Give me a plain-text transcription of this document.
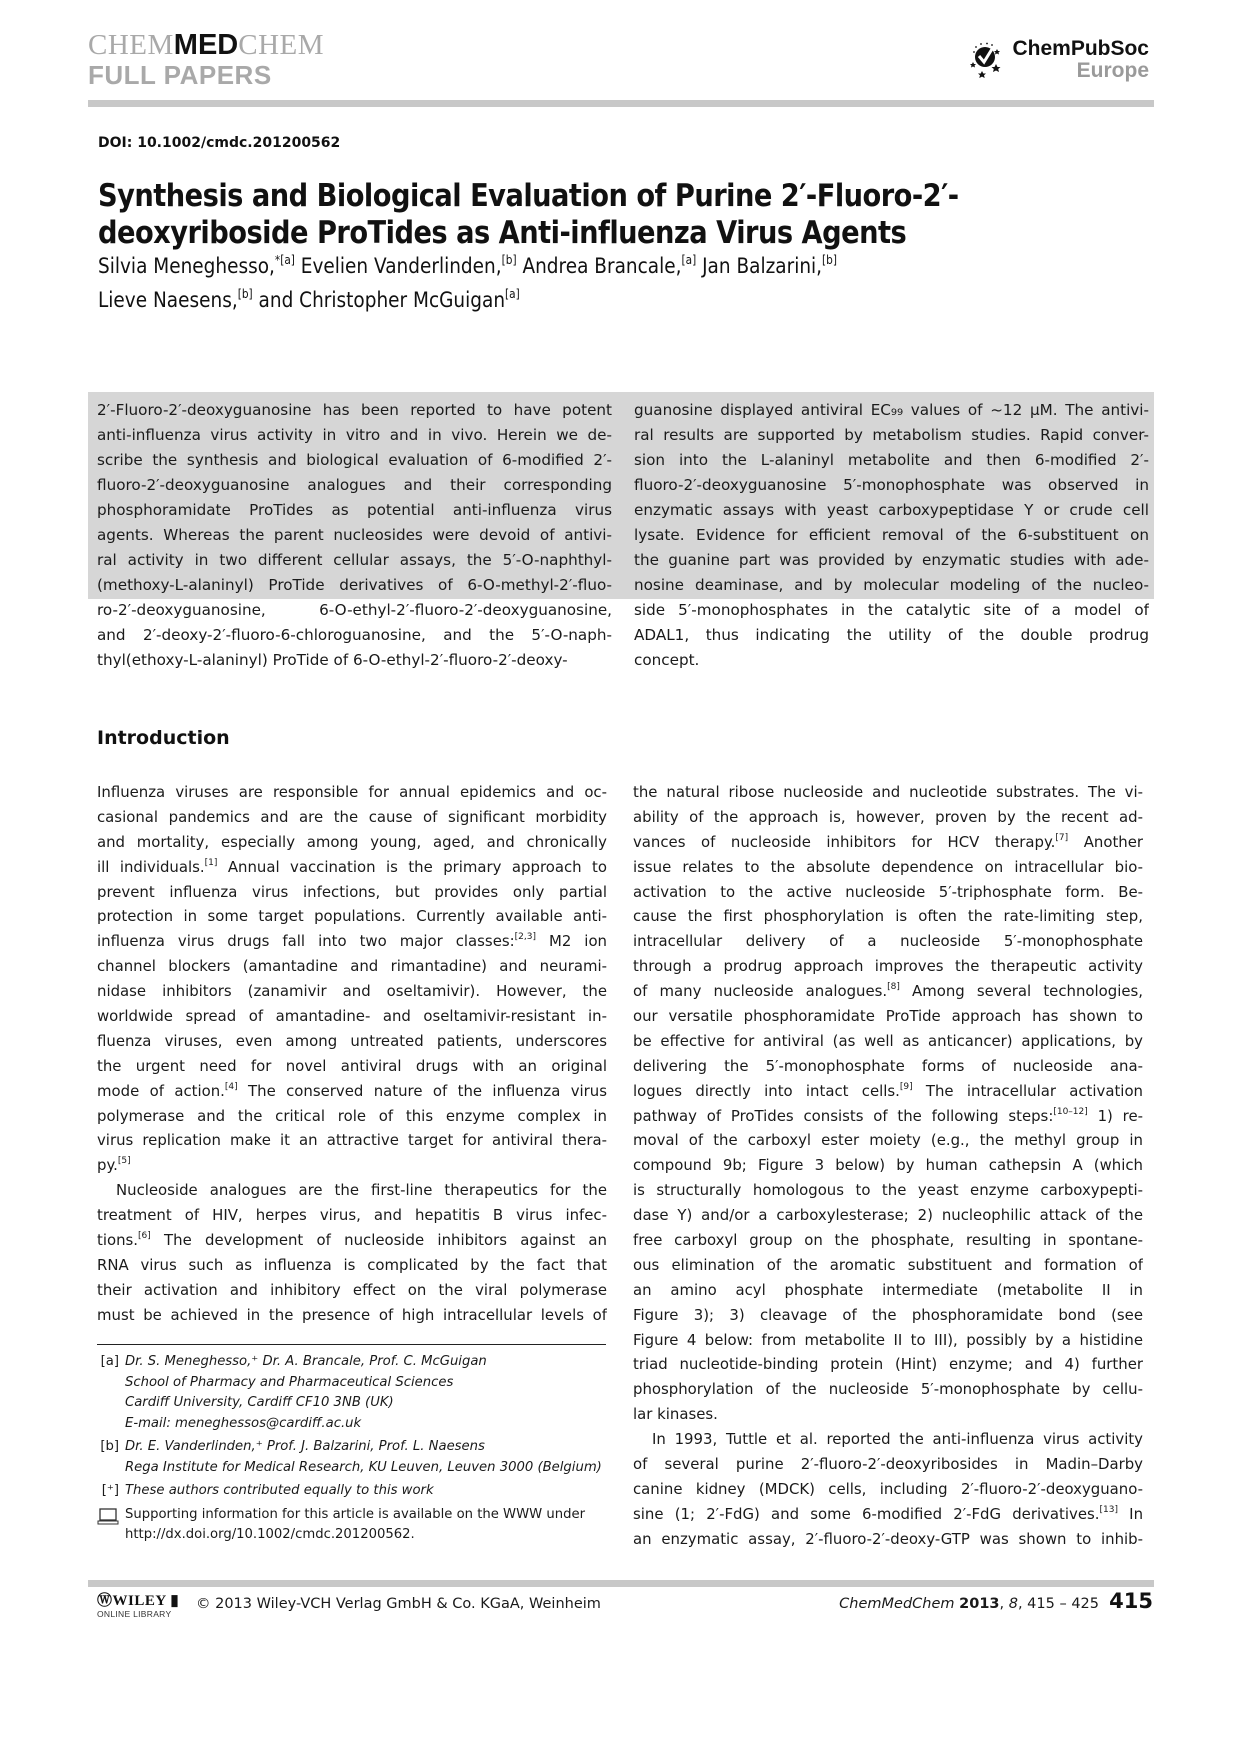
CHEMMEDCHEM
FULL PAPERS
ChemPubSoc
Europe
DOI: 10.1002/cmdc.201200562
Synthesis and Biological Evaluation of Purine 2′-Fluoro-2′-
deoxyriboside ProTides as Anti-influenza Virus Agents
Silvia Meneghesso,$^{*[a]}$ Evelien Vanderlinden,[b] Andrea Brancale,[a] Jan Balzarini,[b]
Lieve Naesens,[b] and Christopher McGuigan[a]
2′-Fluoro-2′-deoxyguanosine has been reported to have potent
anti-influenza virus activity in vitro and in vivo. Herein we de-
scribe the synthesis and biological evaluation of 6-modified 2′-
fluoro-2′-deoxyguanosine analogues and their corresponding
phosphoramidate ProTides as potential anti-influenza virus
agents. Whereas the parent nucleosides were devoid of antivi-
ral activity in two different cellular assays, the 5′-O-naphthyl-
(methoxy-L-alaninyl) ProTide derivatives of 6-O-methyl-2′-fluo-
ro-2′-deoxyguanosine, 6-O-ethyl-2′-fluoro-2′-deoxyguanosine,
and 2′-deoxy-2′-fluoro-6-chloroguanosine, and the 5′-O-naph-
thyl(ethoxy-L-alaninyl) ProTide of 6-O-ethyl-2′-fluoro-2′-deoxy-
guanosine displayed antiviral EC₉₉ values of ~12 μM. The antivi-
ral results are supported by metabolism studies. Rapid conver-
sion into the L-alaninyl metabolite and then 6-modified 2′-
fluoro-2′-deoxyguanosine 5′-monophosphate was observed in
enzymatic assays with yeast carboxypeptidase Y or crude cell
lysate. Evidence for efficient removal of the 6-substituent on
the guanine part was provided by enzymatic studies with ade-
nosine deaminase, and by molecular modeling of the nucleo-
side 5′-monophosphates in the catalytic site of a model of
ADAL1, thus indicating the utility of the double prodrug
concept.
Introduction
Influenza viruses are responsible for annual epidemics and oc-
casional pandemics and are the cause of significant morbidity
and mortality, especially among young, aged, and chronically
ill individuals.[1] Annual vaccination is the primary approach to
prevent influenza virus infections, but provides only partial
protection in some target populations. Currently available anti-
influenza virus drugs fall into two major classes:[2,3] M2 ion
channel blockers (amantadine and rimantadine) and neurami-
nidase inhibitors (zanamivir and oseltamivir). However, the
worldwide spread of amantadine- and oseltamivir-resistant in-
fluenza viruses, even among untreated patients, underscores
the urgent need for novel antiviral drugs with an original
mode of action.[4] The conserved nature of the influenza virus
polymerase and the critical role of this enzyme complex in
virus replication make it an attractive target for antiviral thera-
py.[5]
Nucleoside analogues are the first-line therapeutics for the
treatment of HIV, herpes virus, and hepatitis B virus infec-
tions.[6] The development of nucleoside inhibitors against an
RNA virus such as influenza is complicated by the fact that
their activation and inhibitory effect on the viral polymerase
must be achieved in the presence of high intracellular levels of
the natural ribose nucleoside and nucleotide substrates. The vi-
ability of the approach is, however, proven by the recent ad-
vances of nucleoside inhibitors for HCV therapy.[7] Another
issue relates to the absolute dependence on intracellular bio-
activation to the active nucleoside 5′-triphosphate form. Be-
cause the first phosphorylation is often the rate-limiting step,
intracellular delivery of a nucleoside 5′-monophosphate
through a prodrug approach improves the therapeutic activity
of many nucleoside analogues.[8] Among several technologies,
our versatile phosphoramidate ProTide approach has shown to
be effective for antiviral (as well as anticancer) applications, by
delivering the 5′-monophosphate forms of nucleoside ana-
logues directly into intact cells.[9] The intracellular activation
pathway of ProTides consists of the following steps:[10–12] 1) re-
moval of the carboxyl ester moiety (e.g., the methyl group in
compound 9b; Figure 3 below) by human cathepsin A (which
is structurally homologous to the yeast enzyme carboxypepti-
dase Y) and/or a carboxylesterase; 2) nucleophilic attack of the
free carboxyl group on the phosphate, resulting in spontane-
ous elimination of the aromatic substituent and formation of
an amino acyl phosphate intermediate (metabolite II in
Figure 3); 3) cleavage of the phosphoramidate bond (see
Figure 4 below: from metabolite II to III), possibly by a histidine
triad nucleotide-binding protein (Hint) enzyme; and 4) further
phosphorylation of the nucleoside 5′-monophosphate by cellu-
lar kinases.
In 1993, Tuttle et al. reported the anti-influenza virus activity
of several purine 2′-fluoro-2′-deoxyribosides in Madin–Darby
canine kidney (MDCK) cells, including 2′-fluoro-2′-deoxyguano-
sine (1; 2′-FdG) and some 6-modified 2′-FdG derivatives.[13] In
an enzymatic assay, 2′-fluoro-2′-deoxy-GTP was shown to inhib-
[a] Dr. S. Meneghesso,⁺ Dr. A. Brancale, Prof. C. McGuigan
School of Pharmacy and Pharmaceutical Sciences
Cardiff University, Cardiff CF10 3NB (UK)
E-mail: meneghessos@cardiff.ac.uk
[b] Dr. E. Vanderlinden,⁺ Prof. J. Balzarini, Prof. L. Naesens
Rega Institute for Medical Research, KU Leuven, Leuven 3000 (Belgium)
[⁺] These authors contributed equally to this work
Supporting information for this article is available on the WWW under
http://dx.doi.org/10.1002/cmdc.201200562.
ⓌWILEY ▮
ONLINE LIBRARY
© 2013 Wiley-VCH Verlag GmbH & Co. KGaA, Weinheim	ChemMedChem 2013, 8, 415 – 425 415
